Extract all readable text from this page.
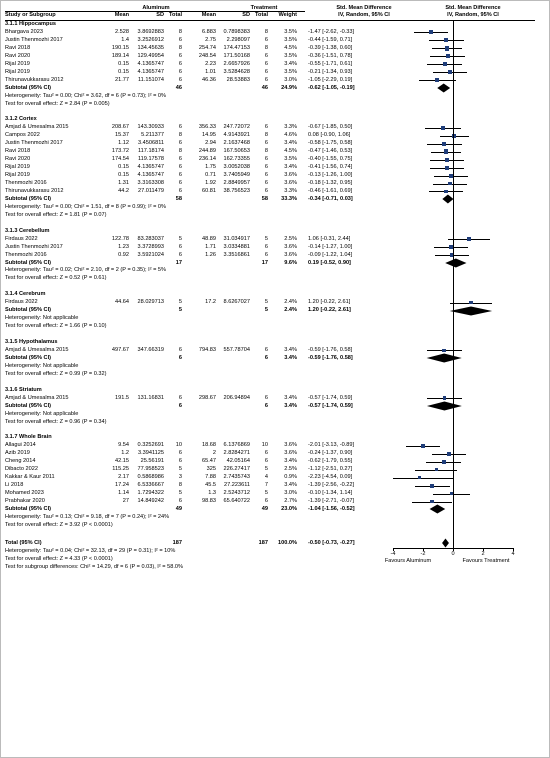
Aluminum	Treatment	Std. Mean Difference
IV, Random, 95% CI
Std. Mean Difference
IV, Random, 95% CI
Study or Subgroup	Mean	SD Total	Mean	SD Total	Weight
3.1.1 Hippocampus
Bhargava 2023	2.528	3.8692883	8	6.883	0.7898383	8	3.5% -1.47 [-2.62, -0.33]
Justin Thenmozhi 2017	1.4	3.2526912	6	2.75	2.298097	6	3.5% -0.44 [-1.59, 0.71]
Ravi 2018	190.15	134.45635	8	254.74	174.47153	8	4.5% -0.39 [-1.38, 0.60]
Ravi 2020	189.14	129.49954	6	248.54	171.50168	6	3.5% -0.36 [-1.51, 0.78]
Rijal 2019	0.15	4.1365747	6	2.23	2.6657926	6	3.4% -0.55 [-1.71, 0.61]
Rijal 2019	0.15	4.1365747	6	1.01	3.5284628	6	3.5% -0.21 [-1.34, 0.93]
Thirunavukkarasu 2012	21.77	11.151074	6	46.36	28.53883	6	3.0% -1.05 [-2.29, 0.19]
Subtotal (95% CI)	46	46	24.9% -0.62 [-1.05, -0.19]
Heterogeneity: Tau² = 0.00; Chi² = 3.62, df = 6 (P = 0.73); I² = 0%
Test for overall effect: Z = 2.84 (P = 0.005)
3.1.2 Cortex
Amjad & Umesalma 2015	208.67	143.30933	6	356.33	247.72072	6	3.3% -0.67 [-1.85, 0.50]
Campos 2022	15.37	5.211377	8	14.95	4.9143921	8	4.6% 0.08 [-0.90, 1.06]
Justin Thenmozhi 2017	1.12	3.4506811	6	2.94	2.1637468	6	3.4% -0.58 [-1.75, 0.58]
Ravi 2018	173.72	117.18174	8	244.89	167.50653	8	4.5% -0.47 [-1.46, 0.53]
Ravi 2020	174.54	119.17578	6	236.14	162.73355	6	3.5% -0.40 [-1.55, 0.75]
Rijal 2019	0.15	4.1365747	6	1.75	3.0052038	6	3.4% -0.41 [-1.56, 0.74]
Rijal 2019	0.15	4.1365747	6	0.71	3.7405949	6	3.6% -0.13 [-1.26, 1.00]
Thenmozhi 2016	1.31	3.3163308	6	1.92	2.8849957	6	3.6% -0.18 [-1.32, 0.95]
Thirunavukkarasu 2012	44.2	27.011479	6	60.81	38.756523	6	3.3% -0.46 [-1.61, 0.69]
Subtotal (95% CI)	58	58	33.3% -0.34 [-0.71, 0.03]
Heterogeneity: Tau² = 0.00; Chi² = 1.51, df = 8 (P = 0.99); I² = 0%
Test for overall effect: Z = 1.81 (P = 0.07)
3.1.3 Cerebellum
Firdaus 2022	122.78	83.283037	5	48.89	31.034917	5	2.5% 1.06 [-0.31, 2.44]
Justin Thenmozhi 2017	1.23	3.3728993	6	1.71	3.0334881	6	3.6% -0.14 [-1.27, 1.00]
Thenmozhi 2016	0.92	3.5921024	6	1.26	3.3516861	6	3.6% -0.09 [-1.22, 1.04]
Subtotal (95% CI)	17	17	9.6% 0.19 [-0.52, 0.90]
Heterogeneity: Tau² = 0.02; Chi² = 2.10, df = 2 (P = 0.35); I² = 5%
Test for overall effect: Z = 0.52 (P = 0.61)
3.1.4 Cerebrum
Firdaus 2022	44.64	28.029713	5	17.2	8.6267027	5	2.4% 1.20 [-0.22, 2.61]
Subtotal (95% CI)	5	5	2.4% 1.20 [-0.22, 2.61]
Heterogeneity: Not applicable
Test for overall effect: Z = 1.66 (P = 0.10)
3.1.5 Hypothalamus
Amjad & Umesalma 2015	497.67	347.66319	6	794.83	557.78704	6	3.4% -0.59 [-1.76, 0.58]
Subtotal (95% CI)	6	6	3.4% -0.59 [-1.76, 0.58]
Heterogeneity: Not applicable
Test for overall effect: Z = 0.99 (P = 0.32)
3.1.6 Striatum
Amjad & Umesalma 2015	191.5	131.16831	6	298.67	206.94894	6	3.4% -0.57 [-1.74, 0.59]
Subtotal (95% CI)	6	6	3.4% -0.57 [-1.74, 0.59]
Heterogeneity: Not applicable
Test for overall effect: Z = 0.96 (P = 0.34)
3.1.7 Whole Brain
Allagui 2014	9.54	0.3252691	10	18.68	6.1376869	10	3.6% -2.01 [-3.13, -0.89]
Azib 2019	1.2	3.3941125	6	2	2.8284271	6	3.6% -0.24 [-1.37, 0.90]
Cheng 2014	42.15	25.56191	6	65.47	42.05164	6	3.4% -0.62 [-1.79, 0.55]
Dibacto 2022	115.25	77.958523	5	325	226.27417	5	2.5% -1.12 [-2.51, 0.27]
Kakkar & Kaur 2011	2.17	0.5868986	3	7.88	2.7435743	4	0.9% -2.23 [-4.54, 0.09]
Li 2018	17.24	6.5336667	8	45.5	27.223611	7	3.4% -1.39 [-2.56, -0.22]
Mohamed 2023	1.14	1.7294322	5	1.3	2.5243712	5	3.0% -0.10 [-1.34, 1.14]
Prabhakar 2020	27	14.849242	6	98.83	65.640722	6	2.7% -1.39 [-2.71, -0.07]
Subtotal (95% CI)	49	49	23.0% -1.04 [-1.56, -0.52]
Heterogeneity: Tau² = 0.13; Chi² = 9.18, df = 7 (P = 0.24); I² = 24%
Test for overall effect: Z = 3.92 (P < 0.0001)
Total (95% CI)	187	187	100.0% -0.50 [-0.73, -0.27]
Heterogeneity: Tau² = 0.04; Chi² = 32.13, df = 29 (P = 0.31); I² = 10%
Test for overall effect: Z = 4.33 (P < 0.0001)
Test for subgroup differences: Chi² = 14.29, df = 6 (P = 0.03), I² = 58.0%
-4	-2	0	2	4
Favours Aluminum	Favours Treatment
